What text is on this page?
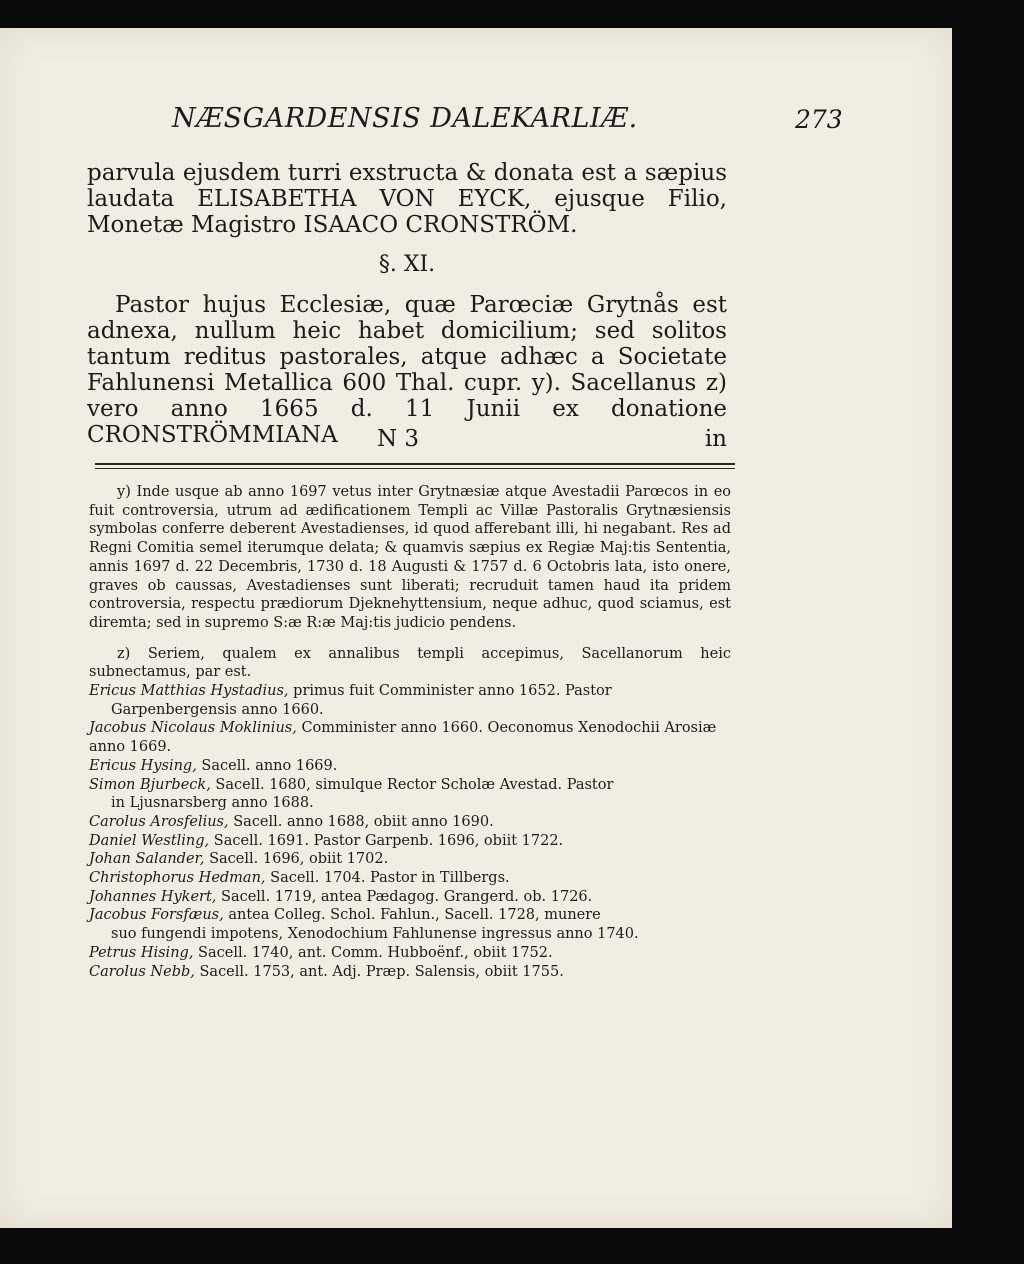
NÆSGARDENSIS DALEKARLIÆ.	273

parvula ejusdem turri exstructa & donata est a sæpius laudata ELISABETHA VON EYCK, ejusque Filio, Monetæ Magistro ISAACO CRONSTRÖM.

§. XI.

Pastor hujus Ecclesiæ, quæ Parœciæ Grytnås est adnexa, nullum heic habet domicilium; sed solitos tantum reditus pastorales, atque adhæc a Societate Fahlunensi Metallica 600 Thal. cupr. y). Sacellanus z) vero anno 1665 d. 11 Junii ex donatione CRONSTRÖMMIANA	N 3	in

y) Inde usque ab anno 1697 vetus inter Grytnæsiæ atque Avestadii Parœcos in eo fuit controversia, utrum ad ædificationem Templi ac Villæ Pastoralis Grytnæsiensis symbolas conferre deberent Avestadienses, id quod afferebant illi, hi negabant. Res ad Regni Comitia semel iterumque delata; & quamvis sæpius ex Regiæ Maj:tis Sententia, annis 1697 d. 22 Decembris, 1730 d. 18 Augusti & 1757 d. 6 Octobris lata, isto onere, graves ob caussas, Avestadienses sunt liberati; recruduit tamen haud ita pridem controversia, respectu prædiorum Djeknehyttensium, neque adhuc, quod sciamus, est diremta; sed in supremo S:æ R:æ Maj:tis judicio pendens.

z) Seriem, qualem ex annalibus templi accepimus, Sacellanorum heic subnectamus, par est.

Ericus Matthias Hystadius, primus fuit Comminister anno 1652. Pastor
Garpenbergensis anno 1660.
Jacobus Nicolaus Moklinius, Comminister anno 1660. Oeconomus Xenodochii Arosiæ anno 1669.
Ericus Hysing, Sacell. anno 1669.
Simon Bjurbeck, Sacell. 1680, simulque Rector Scholæ Avestad. Pastor
in Ljusnarsberg anno 1688.
Carolus Arosfelius, Sacell. anno 1688, obiit anno 1690.
Daniel Westling, Sacell. 1691. Pastor Garpenb. 1696, obiit 1722.
Johan Salander, Sacell. 1696, obiit 1702.
Christophorus Hedman, Sacell. 1704. Pastor in Tillbergs.
Johannes Hykert, Sacell. 1719, antea Pædagog. Grangerd. ob. 1726.
Jacobus Forsfæus, antea Colleg. Schol. Fahlun., Sacell. 1728, munere
suo fungendi impotens, Xenodochium Fahlunense ingressus anno 1740.
Petrus Hising, Sacell. 1740, ant. Comm. Hubboënf., obiit 1752.
Carolus Nebb, Sacell. 1753, ant. Adj. Præp. Salensis, obiit 1755.
